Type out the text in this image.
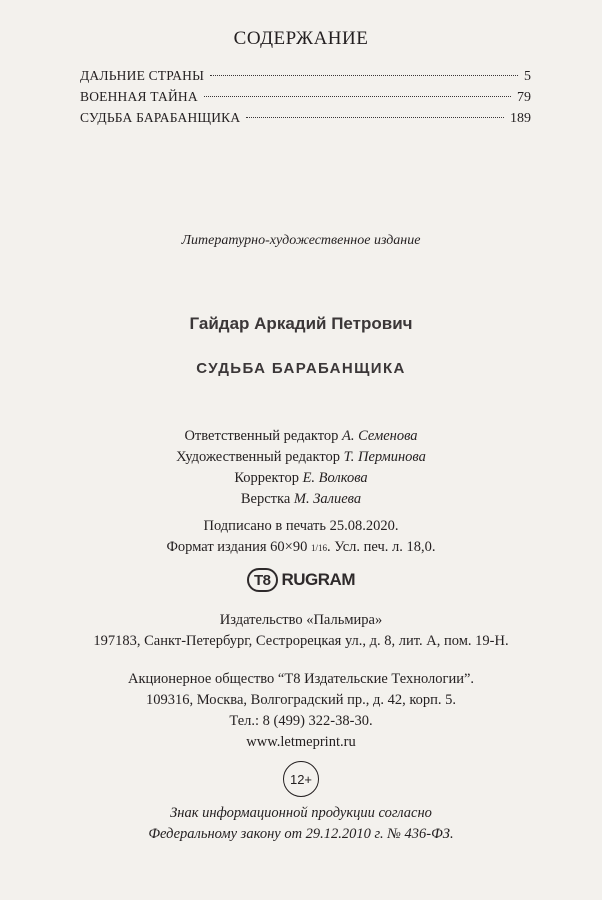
СОДЕРЖАНИЕ
ДАЛЬНИЕ СТРАНЫ	5
ВОЕННАЯ ТАЙНА	79
СУДЬБА БАРАБАНЩИКА	189
Литературно-художественное издание
Гайдар Аркадий Петрович
СУДЬБА БАРАБАНЩИКА
Ответственный редактор А. Семенова
Художественный редактор Т. Перминова
Корректор Е. Волкова
Верстка М. Залиева
Подписано в печать 25.08.2020.
Формат издания 60×90 1/16. Усл. печ. л. 18,0.
T8 RUGRAM
Издательство «Пальмира»
197183, Санкт-Петербург, Сестрорецкая ул., д. 8, лит. А, пом. 19-Н.
Акционерное общество “T8 Издательские Технологии”.
109316, Москва, Волгоградский пр., д. 42, корп. 5.
Тел.: 8 (499) 322-38-30.
www.letmeprint.ru
12+
Знак информационной продукции согласно
Федеральному закону от 29.12.2010 г. № 436-ФЗ.
